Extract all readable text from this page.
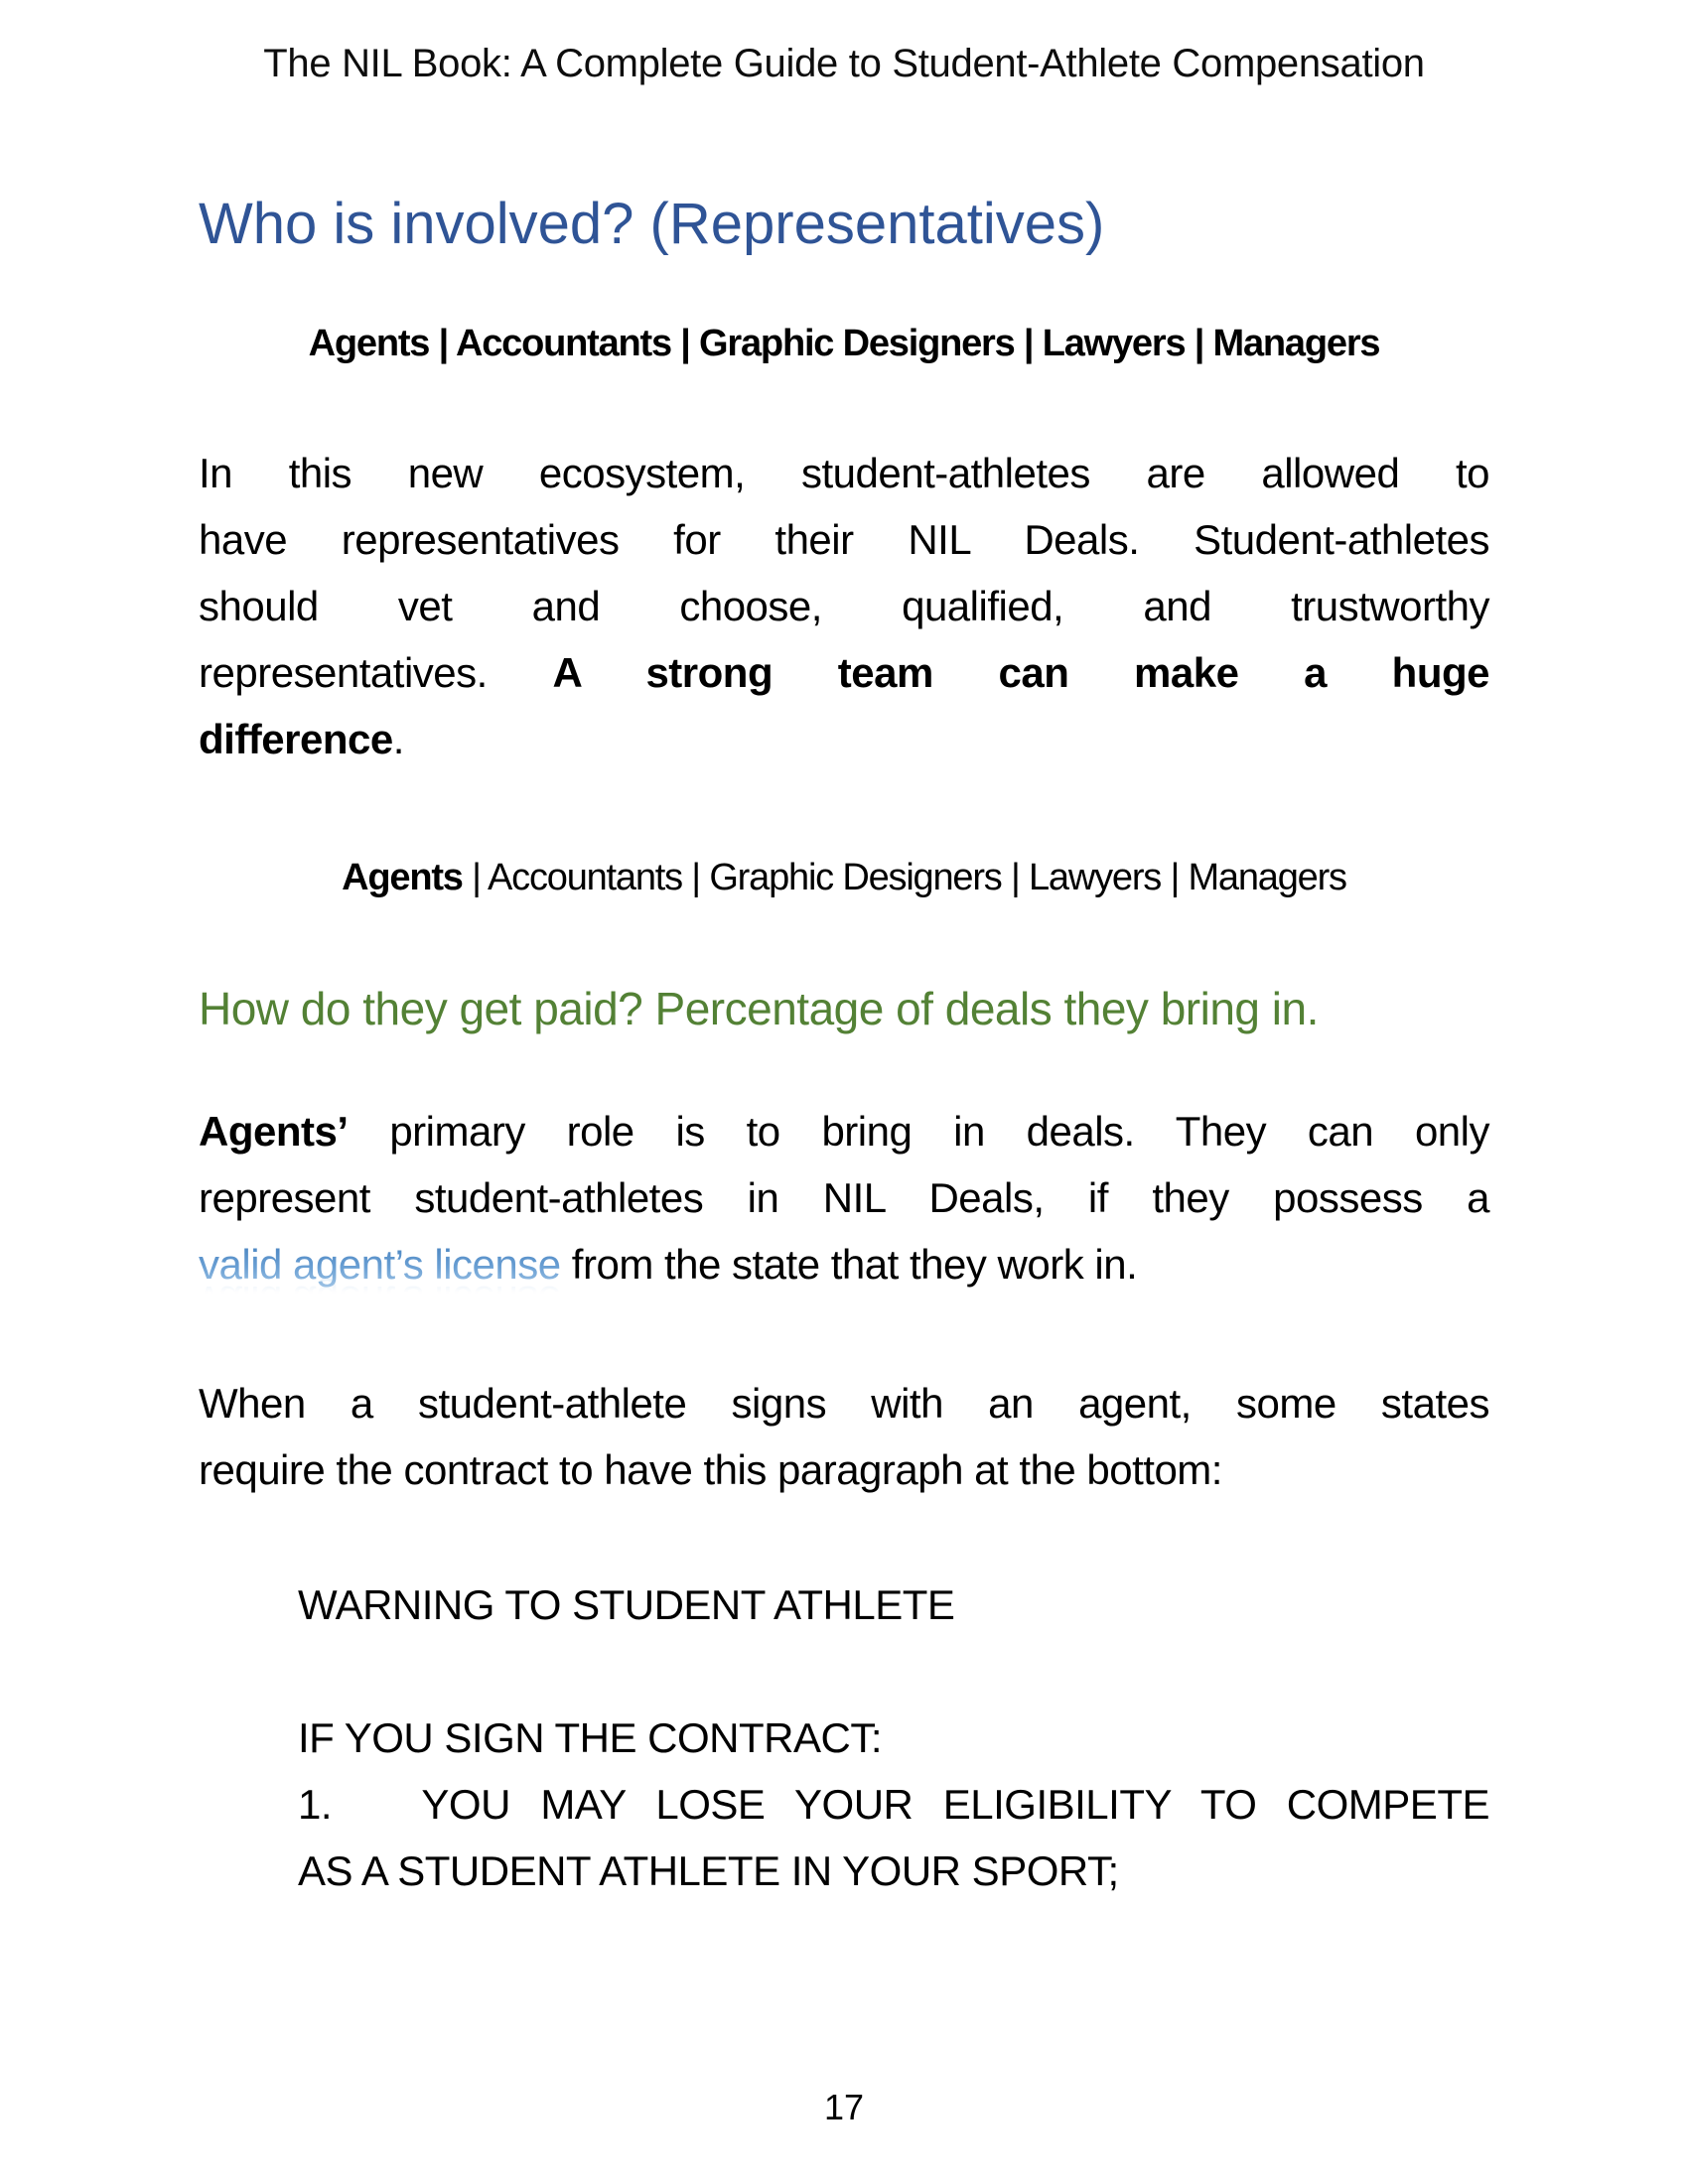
The NIL Book: A Complete Guide to Student-Athlete Compensation
Who is involved? (Representatives)
Agents | Accountants | Graphic Designers | Lawyers | Managers
In this new ecosystem, student-athletes are allowed to
have representatives for their NIL Deals. Student-athletes
should vet and choose, qualified, and trustworthy
representatives. A strong team can make a huge
difference.
Agents | Accountants | Graphic Designers | Lawyers | Managers
How do they get paid? Percentage of deals they bring in.
Agents’ primary role is to bring in deals. They can only
represent student-athletes in NIL Deals, if they possess a
valid agent’s license from the state that they work in.
When a student-athlete signs with an agent, some states
require the contract to have this paragraph at the bottom:
WARNING TO STUDENT ATHLETE

IF YOU SIGN THE CONTRACT:
1.   YOU MAY LOSE YOUR ELIGIBILITY TO COMPETE
AS A STUDENT ATHLETE IN YOUR SPORT;
17
